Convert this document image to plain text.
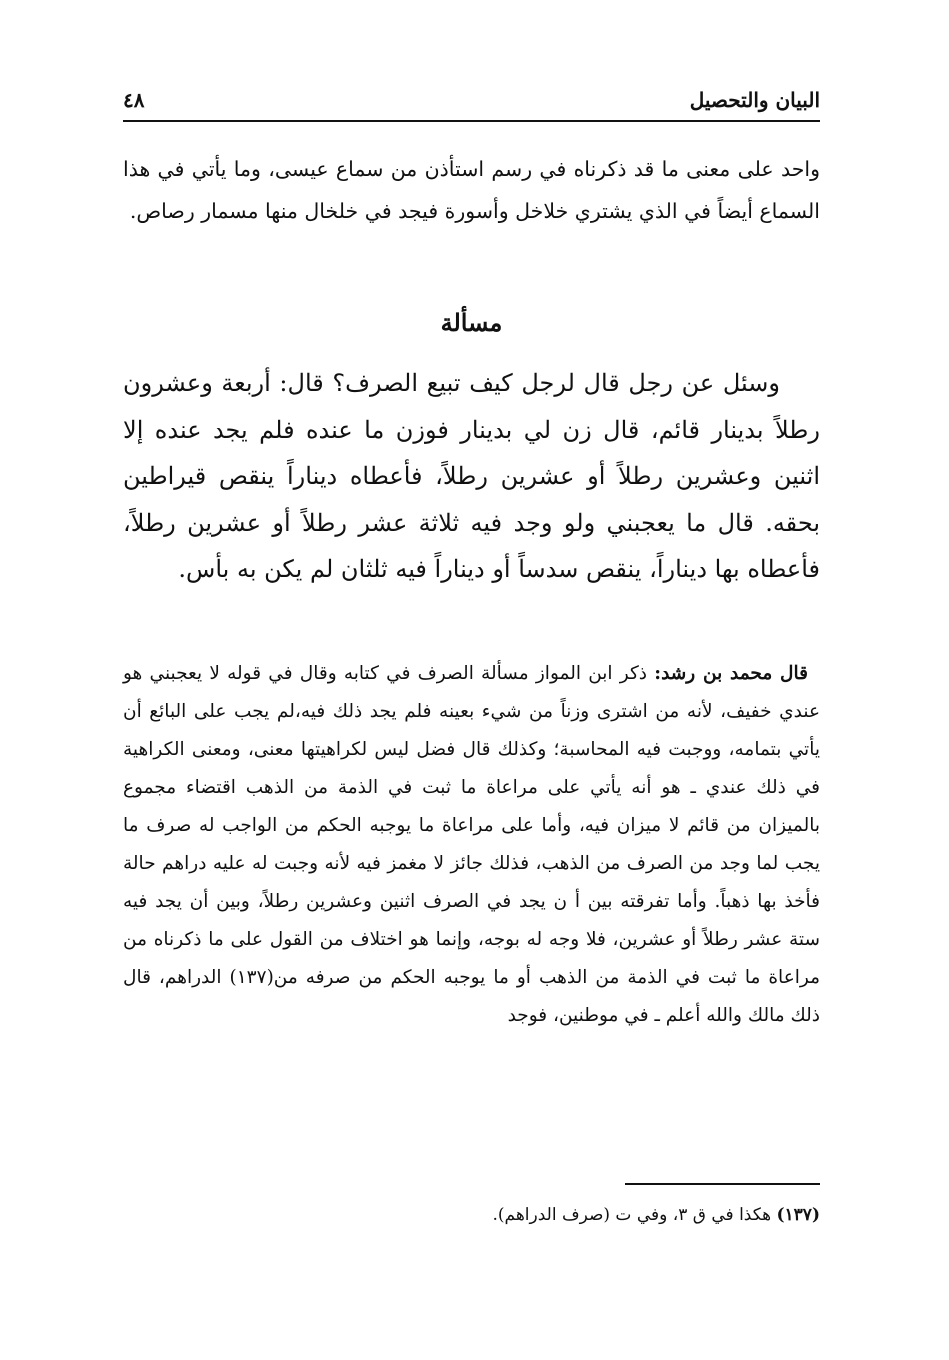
البيان والتحصيل
٤٨
واحد على معنى ما قد ذكرناه في رسم استأذن من سماع عيسى، وما يأتي في هذا السماع أيضاً في الذي يشتري خلاخل وأسورة فيجد في خلخال منها مسمار رصاص.
مسألة

وسئل عن رجل قال لرجل كيف تبيع الصرف؟ قال: أربعة وعشرون رطلاً بدينار قائم، قال زن لي بدينار فوزن ما عنده فلم يجد عنده إلا اثنين وعشرين رطلاً أو عشرين رطلاً، فأعطاه ديناراً ينقص قيراطين بحقه. قال ما يعجبني ولو وجد فيه ثلاثة عشر رطلاً أو عشرين رطلاً، فأعطاه بها ديناراً، ينقص سدساً أو ديناراً فيه ثلثان لم يكن به بأس.

قال محمد بن رشد: ذكر ابن المواز مسألة الصرف في كتابه وقال في قوله لا يعجبني هو عندي خفيف، لأنه من اشترى وزناً من شيء بعينه فلم يجد ذلك فيه،لم يجب على البائع أن يأتي بتمامه، ووجبت فيه المحاسبة؛ وكذلك قال فضل ليس لكراهيتها معنى، ومعنى الكراهية في ذلك عندي ـ هو أنه يأتي على مراعاة ما ثبت في الذمة من الذهب اقتضاء مجموع بالميزان من قائم لا ميزان فيه، وأما على مراعاة ما يوجبه الحكم من الواجب له صرف ما يجب لما وجد من الصرف من الذهب، فذلك جائز لا مغمز فيه لأنه وجبت له عليه دراهم حالة فأخذ بها ذهباً. وأما تفرقته بين أ ن يجد في الصرف اثنين وعشرين رطلاً، وبين أن يجد فيه ستة عشر رطلاً أو عشرين، فلا وجه له بوجه، وإنما هو اختلاف من القول على ما ذكرناه من مراعاة ما ثبت في الذمة من الذهب أو ما يوجبه الحكم من صرفه من(١٣٧) الدراهم، قال ذلك مالك والله أعلم ـ في موطنين، فوجد

(١٣٧) هكذا في ق ٣، وفي ت (صرف الدراهم).
